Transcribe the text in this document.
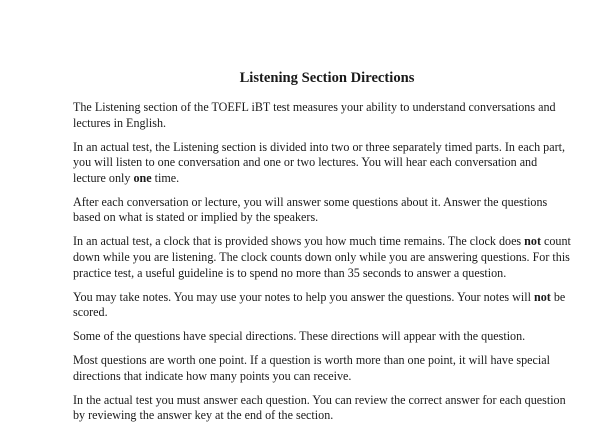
Listening Section Directions

The Listening section of the TOEFL iBT test measures your ability to understand conversations and lectures in English.

In an actual test, the Listening section is divided into two or three separately timed parts. In each part, you will listen to one conversation and one or two lectures. You will hear each conversation and lecture only one time.

After each conversation or lecture, you will answer some questions about it. Answer the questions based on what is stated or implied by the speakers.

In an actual test, a clock that is provided shows you how much time remains. The clock does not count down while you are listening. The clock counts down only while you are answering questions. For this practice test, a useful guideline is to spend no more than 35 seconds to answer a question.

You may take notes. You may use your notes to help you answer the questions. Your notes will not be scored.

Some of the questions have special directions. These directions will appear with the question.

Most questions are worth one point. If a question is worth more than one point, it will have special directions that indicate how many points you can receive.

In the actual test you must answer each question. You can review the correct answer for each question by reviewing the answer key at the end of the section.
